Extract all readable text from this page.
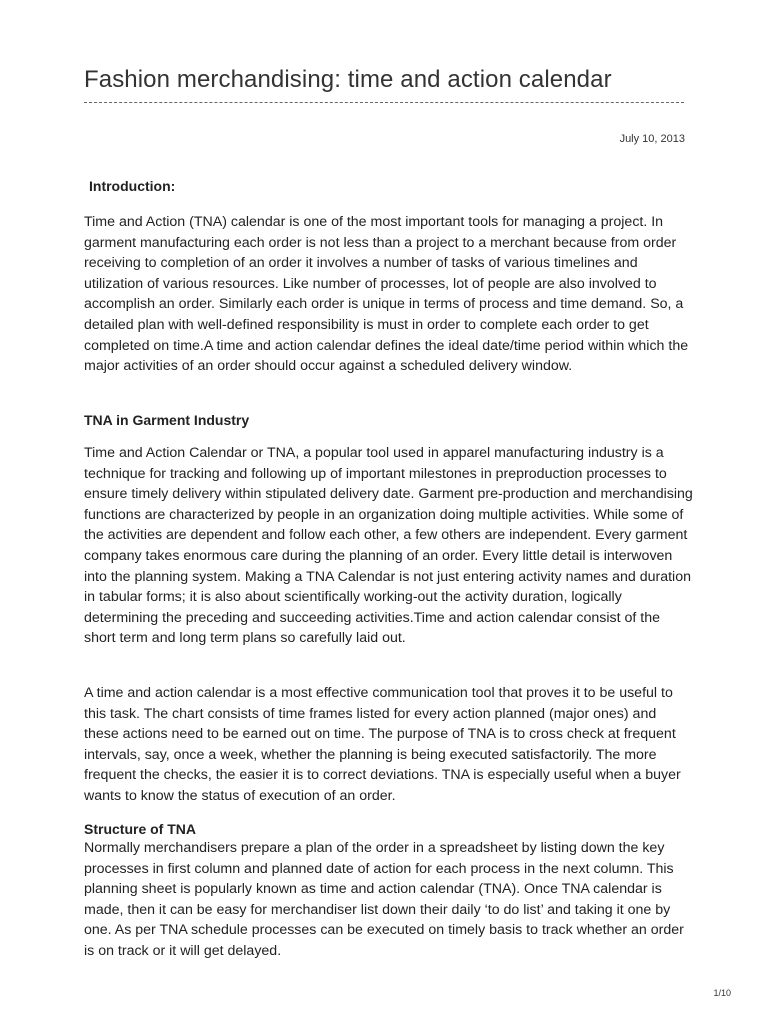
Fashion merchandising: time and action calendar
July 10, 2013
Introduction:

Time and Action (TNA) calendar is one of the most important tools for managing a project. In garment manufacturing each order is not less than a project to a merchant because from order receiving to completion of an order it involves a number of tasks of various timelines and utilization of various resources. Like number of processes, lot of people are also involved to accomplish an order. Similarly each order is unique in terms of process and time demand. So, a detailed plan with well-defined responsibility is must in order to complete each order to get completed on time.A time and action calendar defines the ideal date/time period within which the major activities of an order should occur against a scheduled delivery window.

TNA in Garment Industry

Time and Action Calendar or TNA, a popular tool used in apparel manufacturing industry is a technique for tracking and following up of important milestones in preproduction processes to ensure timely delivery within stipulated delivery date. Garment pre-production and merchandising functions are characterized by people in an organization doing multiple activities. While some of the activities are dependent and follow each other, a few others are independent. Every garment company takes enormous care during the planning of an order. Every little detail is interwoven into the planning system. Making a TNA Calendar is not just entering activity names and duration in tabular forms; it is also about scientifically working-out the activity duration, logically determining the preceding and succeeding activities.Time and action calendar consist of the short term and long term plans so carefully laid out.

A time and action calendar is a most effective communication tool that proves it to be useful to this task. The chart consists of time frames listed for every action planned (major ones) and these actions need to be earned out on time. The purpose of TNA is to cross check at frequent intervals, say, once a week, whether the planning is being executed satisfactorily. The more frequent the checks, the easier it is to correct deviations. TNA is especially useful when a buyer wants to know the status of execution of an order.

Structure of TNA

Normally merchandisers prepare a plan of the order in a spreadsheet by listing down the key processes in first column and planned date of action for each process in the next column. This planning sheet is popularly known as time and action calendar (TNA). Once TNA calendar is made, then it can be easy for merchandiser list down their daily ‘to do list’ and taking it one by one. As per TNA schedule processes can be executed on timely basis to track whether an order is on track or it will get delayed.

1/10
